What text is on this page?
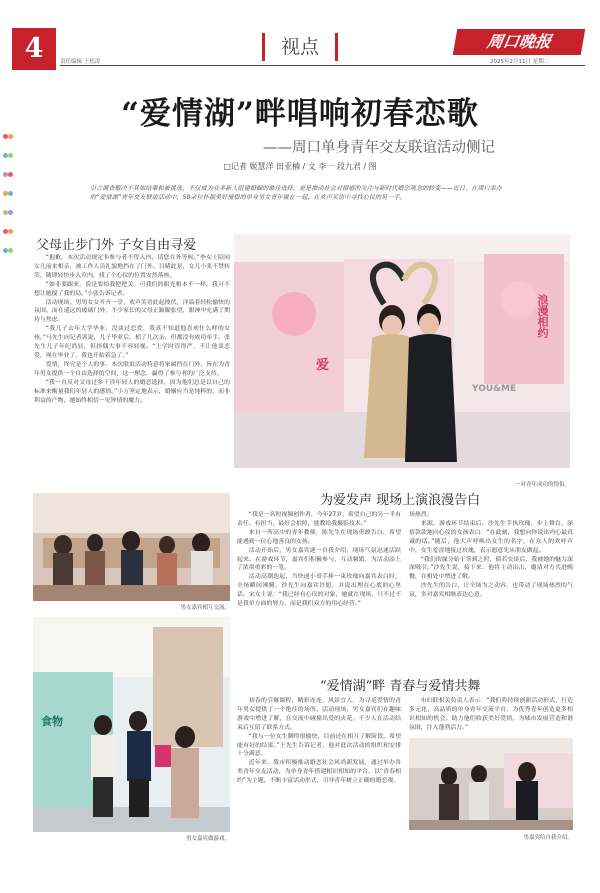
4	视点	周口晚报
责任编辑 王松涛	2025年2月11日 星期二

“爱情湖”畔唱响初春恋歌
——周口单身青年交友联谊活动侧记
□记者 姬慧洋 田亚楠 / 文 李一 段九君 / 图
引言调查解决不其如结果和被挑选，不仅成为众多新人组建婚姻的最佳选择，更是推动社会对情感的关注与新时代婚恋观念的转变——近日，在周口举办的“爱情湖”青年交友联谊活动中，50余位怀揣美好憧憬的单身男女青年聚在一起，在欢声笑语中寻找心仪的另一半。
父母止步门外 子女自由寻爱

“抱歉，本次活动规定非参与者不得入内，请您在外等候。”李女士陪同女儿前来相亲，被工作人员礼貌地挡在了门外。目睹此景，女儿小张不禁转笑，随即轻快步入室内，找了个心仪的位置安然落座。

“如非要跟来，说是要给我把把关。可我们的眼光根本不一样，我可不想让她搅了我的局。”小张告诉记者。

活动现场，男男女女齐齐一堂，欢声笑语此起彼伏，洋溢着轻松愉快的氛围。而在遥远的玻璃门外，不少家长的父母正踮脚张望，眼神中充满了期待与焦虑。

“我儿子去年大学毕业，没谈过恋爱，我真不知道他喜欢什么样的女孩。”马先生向记者诉说，儿子毕业后，相了几次亲，但都没有成功牵手。张先生儿子年纪尚轻，但择偶大事不容轻视。“上学时管得严，不让他谈恋爱，现在毕业了，我也开始着急了。”

爱情，终究是个人的事。本次联谊活动特意将家属挡在门外，旨在为青年男女提供一个自由选择的空间，这一理念，赢得了参与者的广泛支持。

“我一直反对父母过多干涉年轻人的婚恋选择，因为他们总是以自己的标准来衡量我们年轻人的感情。”小万坚定地表示，婚姻应当是纯粹的，而非利益的产物，她始终相信一见钟情的魔力。

男女嘉宾相互交流。
食物
男女嘉宾做游戏。
YOU&ME
浪漫相约
爱
一对青年成功的情侣。
为爱发声 现场上演浪漫告白

“我是一名短视频创作者，今年27岁，希望自己的另一半有责任、有担当，最好会拍照，能教给我摄影技术。”

来自一所高中的青年教师，陈先生在现场勇敢告白，希望能遇到一位心地善良的女孩。

活动开始后，男女嘉宾逐一自我介绍，现场气氛迅速活跃起来。在游戏环节，嘉宾们积极参与，互动频繁，为活动添上了浓墨重彩的一笔。

活动高潮迭起，当快递小哥手捧一束玫瑰向嘉宾表白时，全场瞬间沸腾，沙先生向嘉宾许愿，并说出埋在心底的心里话。宋女士说：“我已经有心仪的对象，她就在现场，只不过不是我单方面的努力，而是我们双方的用心经营。”

场热烈。

来源，游戏环节结束后，沙先生手执玫瑰，步上舞台，深情款款地向心仪的女孩表白：“在此刻，我想向你说出内心最真诚的话。”随后，他大声呼唤出女生的名字，在众人的欢呼声中，女生羞涩地接过玫瑰，表示愿意先从朋友做起。

“我们的缘分始于签到之时，倘若交谈后，我被她的魅力深深吸引。”沙先生说，接下来，他将主动出击，邀请对方共进晚餐，在相处中增进了解。

沙先生的告白，让全场为之动容，也带动了现场热烈的气氛，多对嘉宾相继表达心意。

“爱情湖”畔 青春与爱情共舞

初春的引爆课程，精彩连连，风景宜人，为寻觅爱情的青年男女提供了一个绝佳的场所。活动现场，男女嘉宾们在趣味游戏中增进了解，在交流中碰撞出爱的火花，不少人在活动结束后互留了联系方式。

“我与一位女生聊得很愉快，目前还在相互了解阶段，希望能有好的结果。”王先生告诉记者，他对此次活动的组织和安排十分满意。

近年来，我市积极推动婚恋社会风尚新发展，通过举办各类青年交友活动，为单身青年搭建相识相知的平台，以“青春相约”为主题，不断丰富活动形式，引导青年树立正确的婚恋观。

市妇联相关负责人表示：“我们将持续创新活动形式，打造多元化、高品质的单身青年交流平台，为优秀青年创造更多相识相知的机会，助力他们收获美好爱情，为城市发展营造和谐氛围，注入蓬勃活力。”

男嘉宾给自我介绍。
